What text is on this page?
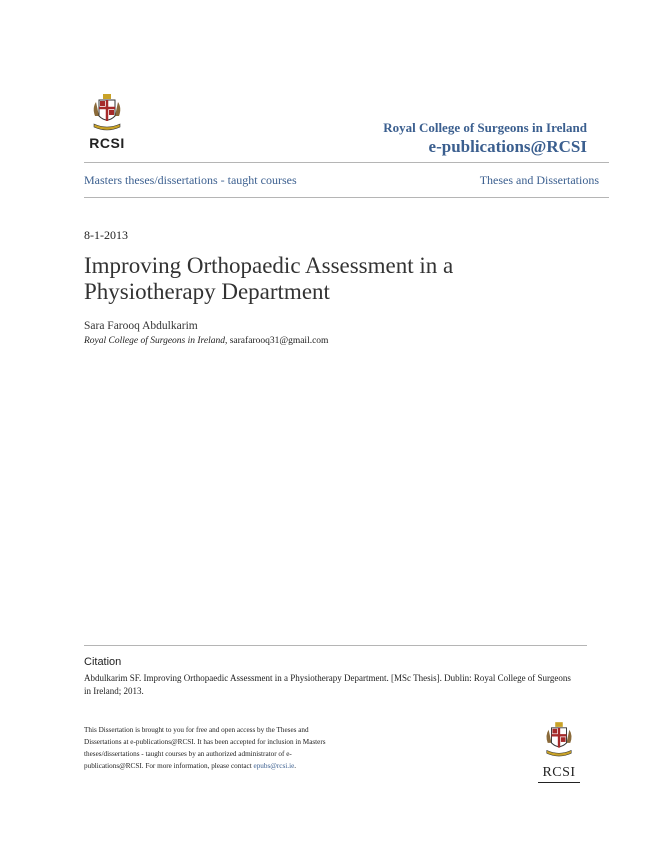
RCSI
Royal College of Surgeons in Ireland
e-publications@RCSI
Masters theses/dissertations - taught courses	Theses and Dissertations
8-1-2013
Improving Orthopaedic Assessment in a Physiotherapy Department
Sara Farooq Abdulkarim
Royal College of Surgeons in Ireland, sarafarooq31@gmail.com
Citation
Abdulkarim SF. Improving Orthopaedic Assessment in a Physiotherapy Department. [MSc Thesis]. Dublin: Royal College of Surgeons in Ireland; 2013.
This Dissertation is brought to you for free and open access by the Theses and Dissertations at e-publications@RCSI. It has been accepted for inclusion in Masters theses/dissertations - taught courses by an authorized administrator of e-publications@RCSI. For more information, please contact epubs@rcsi.ie.	RCSI
